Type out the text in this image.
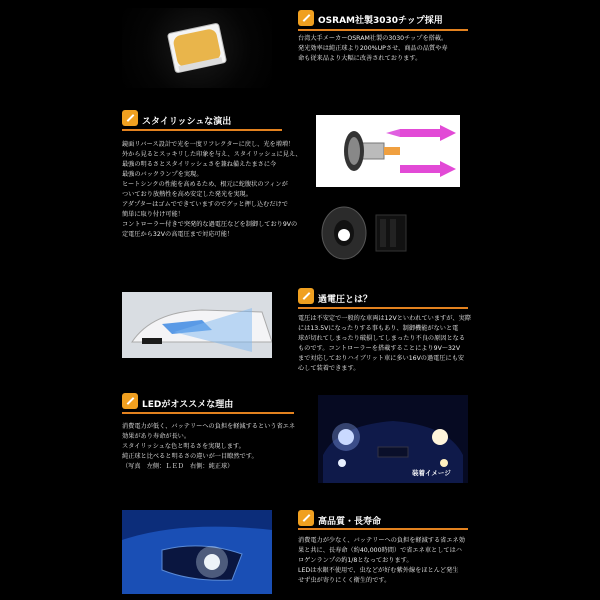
OSRAM社製3030チップ採用
台湾大手メーカーOSRAM社製の3030チップを搭載。
発光効率は純正球より200%UPさせ、商品の品質や寿
命も従来品より大幅に改善されております。
スタイリッシュな演出
鏡面リバース設計で光を一度リフレクターに戻し、光を増増！
外から見るとスッキリした印象を与え、スタイリッシュに見え、
最強の明るさとスタイリッシュさを兼ね備えたまさに今
最強のバックランプを実現。
ヒートシンクの性能を高めるため、根元に蛇腹状のフィンが
ついており放熱性を高め安定した発光を実現。
アダプターはゴムでできていますのでグッと押し込むだけで
簡単に取り付け可能！
コントローラー付きで突発的な過電圧などを制御しており9Vの
定電圧から32Vの高電圧まで対応可能！
過電圧とは？
電圧は不安定で一般的な車両は12Vといわれていますが、実際
には13.5Vになったりする事もあり、制御機能がないと電
球が切れてしまったり破損してしまったり不良の原因となる
ものです。コントローラーを搭載することにより9V〜32V
まで対応しておりハイブリット車に多い16Vの過電圧にも安
心して装着できます。
LEDがオススメな理由
消費電力が低く、バッテリーへの負担を軽減するという省エネ
効果があり寿命が長い。
スタイリッシュな色と明るさを実現します。
純正球と比べると明るさの違いが一目瞭然です。
（写真　左側：ＬＥＤ　右側：純正球）
装着イメージ
高品質・長寿命
消費電力が少なく、バッテリーへの負担を軽減する省エネ効
果と共に、長寿命（約40,000時間）で省エネ車としてはハ
ロゲンランプの約1/8となっております。
LEDは水銀不使用で、虫などが好む紫外線をほとんど発生
せず虫が寄りにくく衛生的です。
